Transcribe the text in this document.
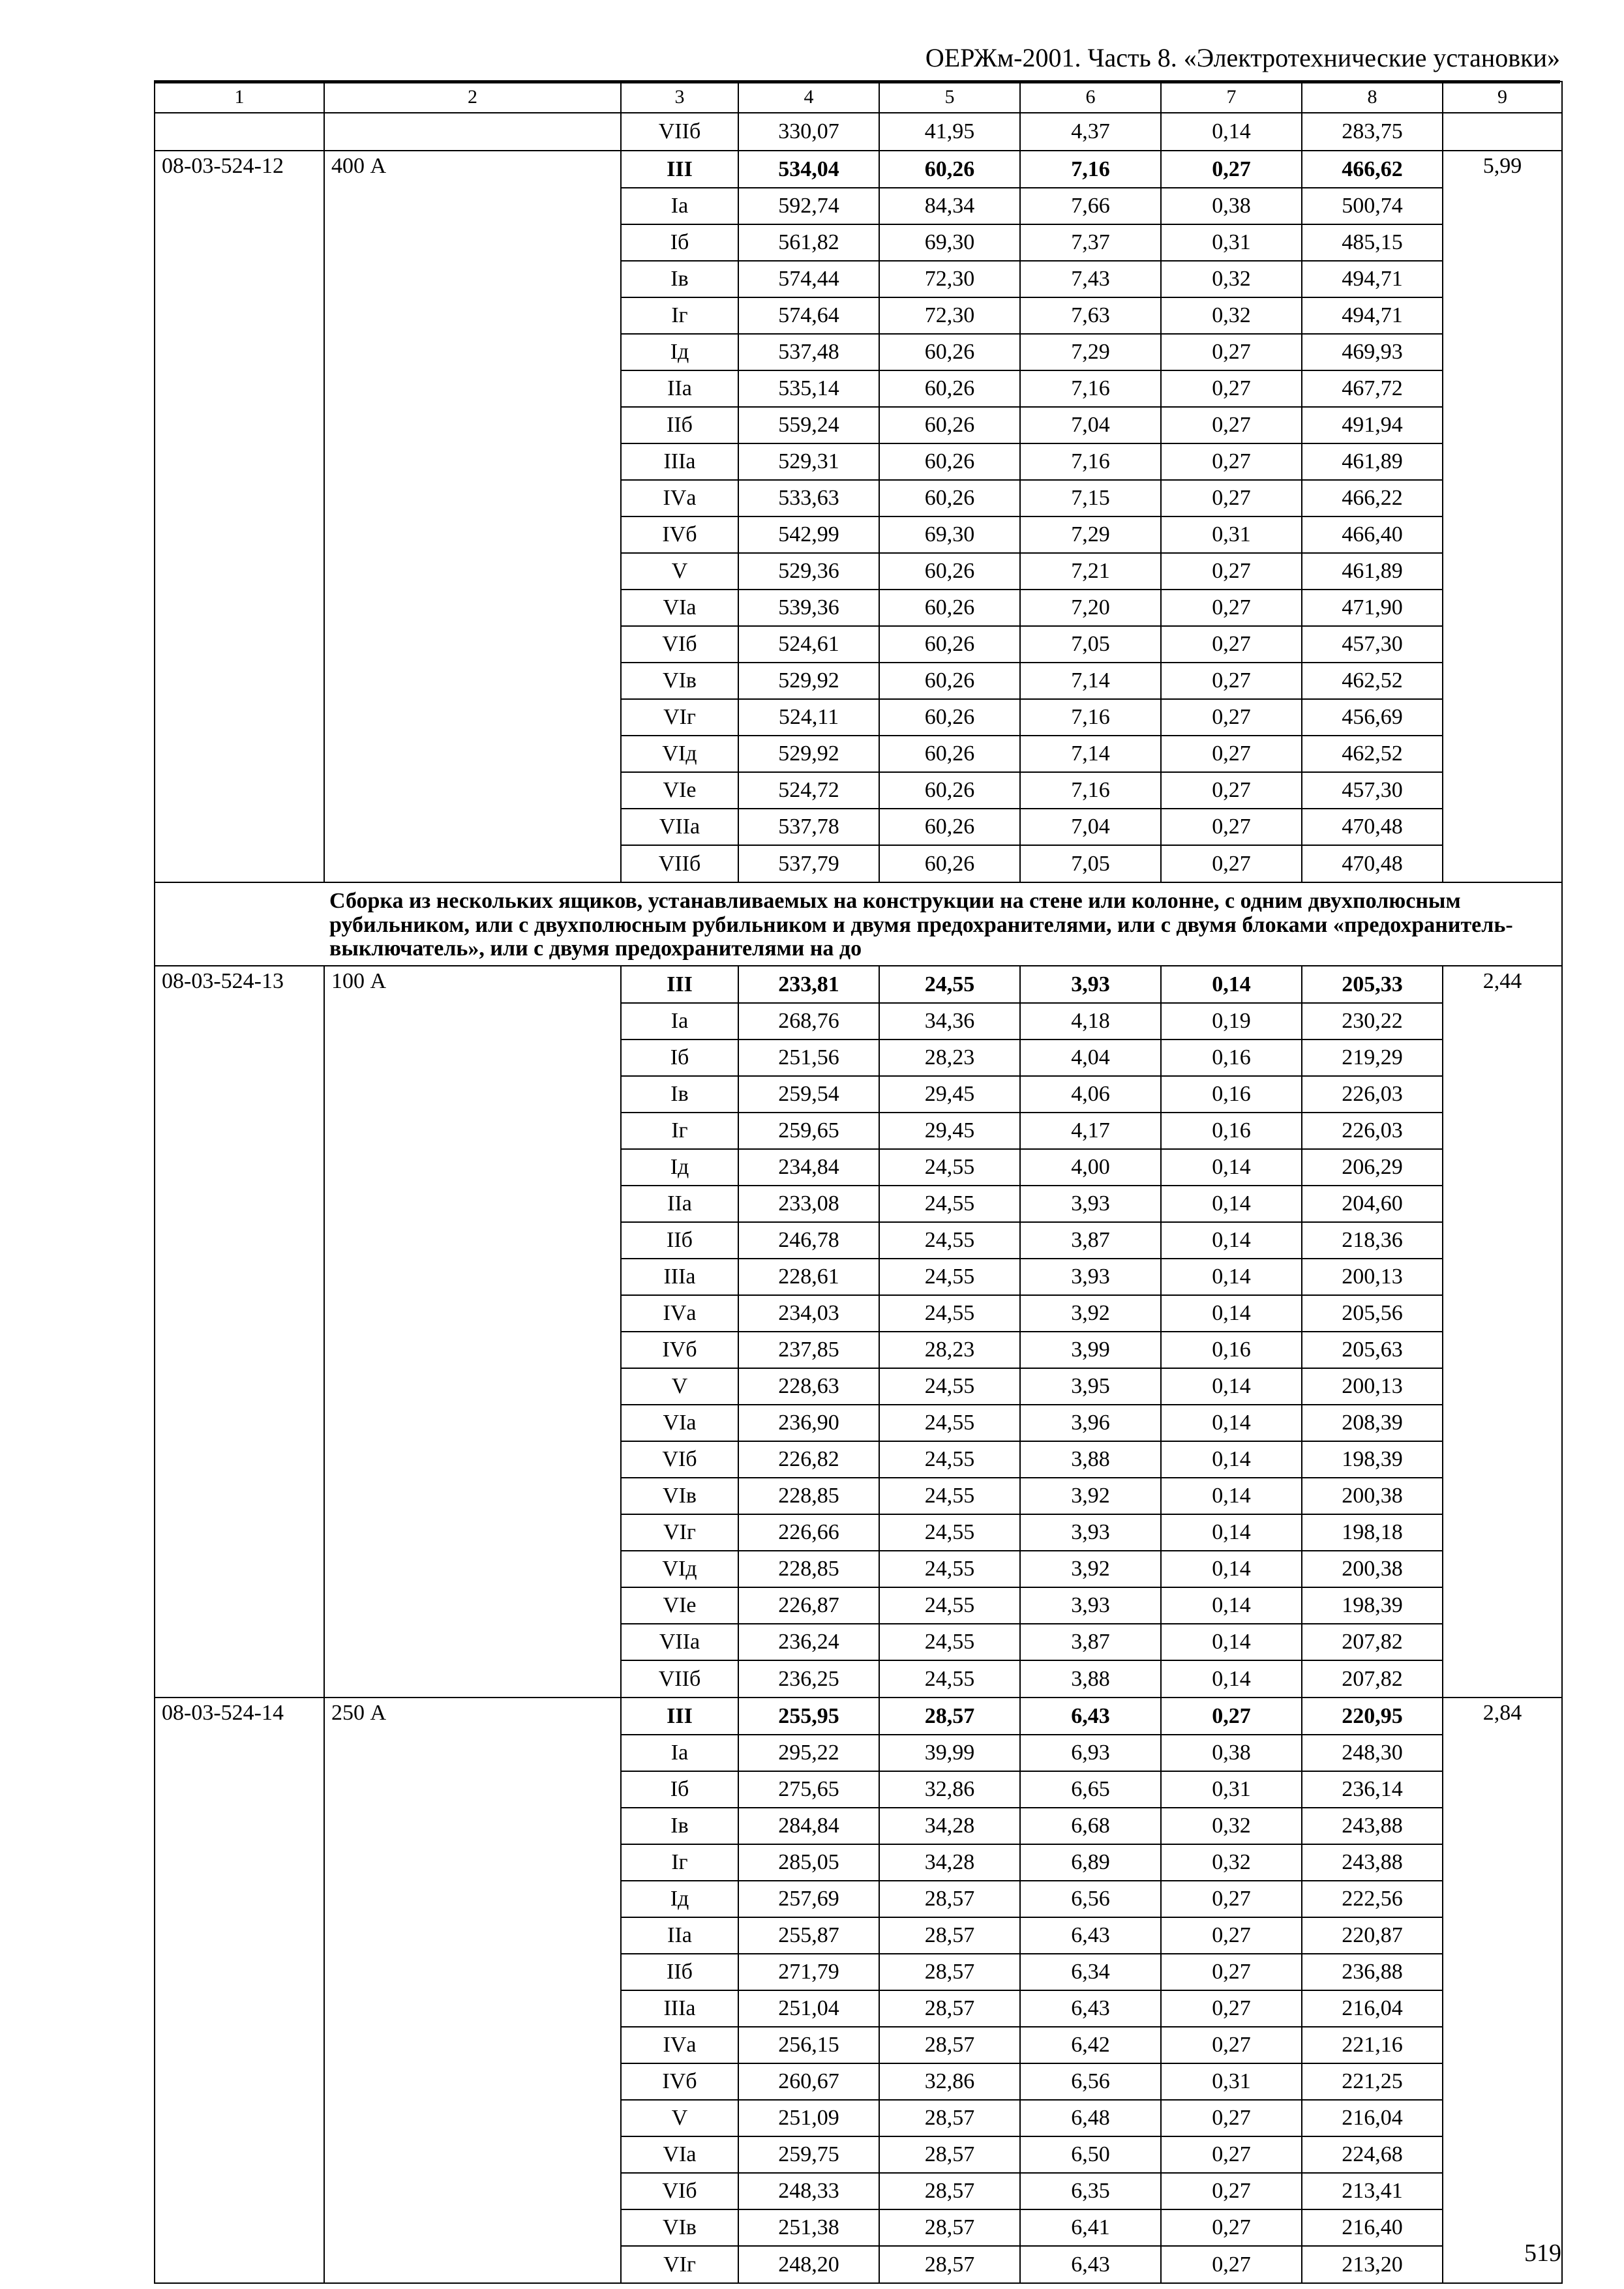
ОЕРЖм-2001. Часть 8. «Электротехнические установки»
1	2	3	4	5	6	7	8	9
		VIIб	330,07	41,95	4,37	0,14	283,75	
08-03-524-12	400 А	III	534,04	60,26	7,16	0,27	466,62	5,99
		Iа	592,74	84,34	7,66	0,38	500,74	
		Iб	561,82	69,30	7,37	0,31	485,15	
		Iв	574,44	72,30	7,43	0,32	494,71	
		Iг	574,64	72,30	7,63	0,32	494,71	
		Iд	537,48	60,26	7,29	0,27	469,93	
		IIа	535,14	60,26	7,16	0,27	467,72	
		IIб	559,24	60,26	7,04	0,27	491,94	
		IIIа	529,31	60,26	7,16	0,27	461,89	
		IVа	533,63	60,26	7,15	0,27	466,22	
		IVб	542,99	69,30	7,29	0,31	466,40	
		V	529,36	60,26	7,21	0,27	461,89	
		VIа	539,36	60,26	7,20	0,27	471,90	
		VIб	524,61	60,26	7,05	0,27	457,30	
		VIв	529,92	60,26	7,14	0,27	462,52	
		VIг	524,11	60,26	7,16	0,27	456,69	
		VIд	529,92	60,26	7,14	0,27	462,52	
		VIе	524,72	60,26	7,16	0,27	457,30	
		VIIа	537,78	60,26	7,04	0,27	470,48	
		VIIб	537,79	60,26	7,05	0,27	470,48	
	Сборка из нескольких ящиков, устанавливаемых на конструкции на стене или колонне, с одним двухполюсным рубильником, или с двухполюсным рубильником и двумя предохранителями, или с двумя блоками «предохранитель-выключатель», или с двумя предохранителями на до							
08-03-524-13	100 А	III	233,81	24,55	3,93	0,14	205,33	2,44
		Iа	268,76	34,36	4,18	0,19	230,22	
		Iб	251,56	28,23	4,04	0,16	219,29	
		Iв	259,54	29,45	4,06	0,16	226,03	
		Iг	259,65	29,45	4,17	0,16	226,03	
		Iд	234,84	24,55	4,00	0,14	206,29	
		IIа	233,08	24,55	3,93	0,14	204,60	
		IIб	246,78	24,55	3,87	0,14	218,36	
		IIIа	228,61	24,55	3,93	0,14	200,13	
		IVа	234,03	24,55	3,92	0,14	205,56	
		IVб	237,85	28,23	3,99	0,16	205,63	
		V	228,63	24,55	3,95	0,14	200,13	
		VIа	236,90	24,55	3,96	0,14	208,39	
		VIб	226,82	24,55	3,88	0,14	198,39	
		VIв	228,85	24,55	3,92	0,14	200,38	
		VIг	226,66	24,55	3,93	0,14	198,18	
		VIд	228,85	24,55	3,92	0,14	200,38	
		VIе	226,87	24,55	3,93	0,14	198,39	
		VIIа	236,24	24,55	3,87	0,14	207,82	
		VIIб	236,25	24,55	3,88	0,14	207,82	
08-03-524-14	250 А	III	255,95	28,57	6,43	0,27	220,95	2,84
		Iа	295,22	39,99	6,93	0,38	248,30	
		Iб	275,65	32,86	6,65	0,31	236,14	
		Iв	284,84	34,28	6,68	0,32	243,88	
		Iг	285,05	34,28	6,89	0,32	243,88	
		Iд	257,69	28,57	6,56	0,27	222,56	
		IIа	255,87	28,57	6,43	0,27	220,87	
		IIб	271,79	28,57	6,34	0,27	236,88	
		IIIа	251,04	28,57	6,43	0,27	216,04	
		IVа	256,15	28,57	6,42	0,27	221,16	
		IVб	260,67	32,86	6,56	0,31	221,25	
		V	251,09	28,57	6,48	0,27	216,04	
		VIа	259,75	28,57	6,50	0,27	224,68	
		VIб	248,33	28,57	6,35	0,27	213,41	
		VIв	251,38	28,57	6,41	0,27	216,40	
		VIг	248,20	28,57	6,43	0,27	213,20		519
